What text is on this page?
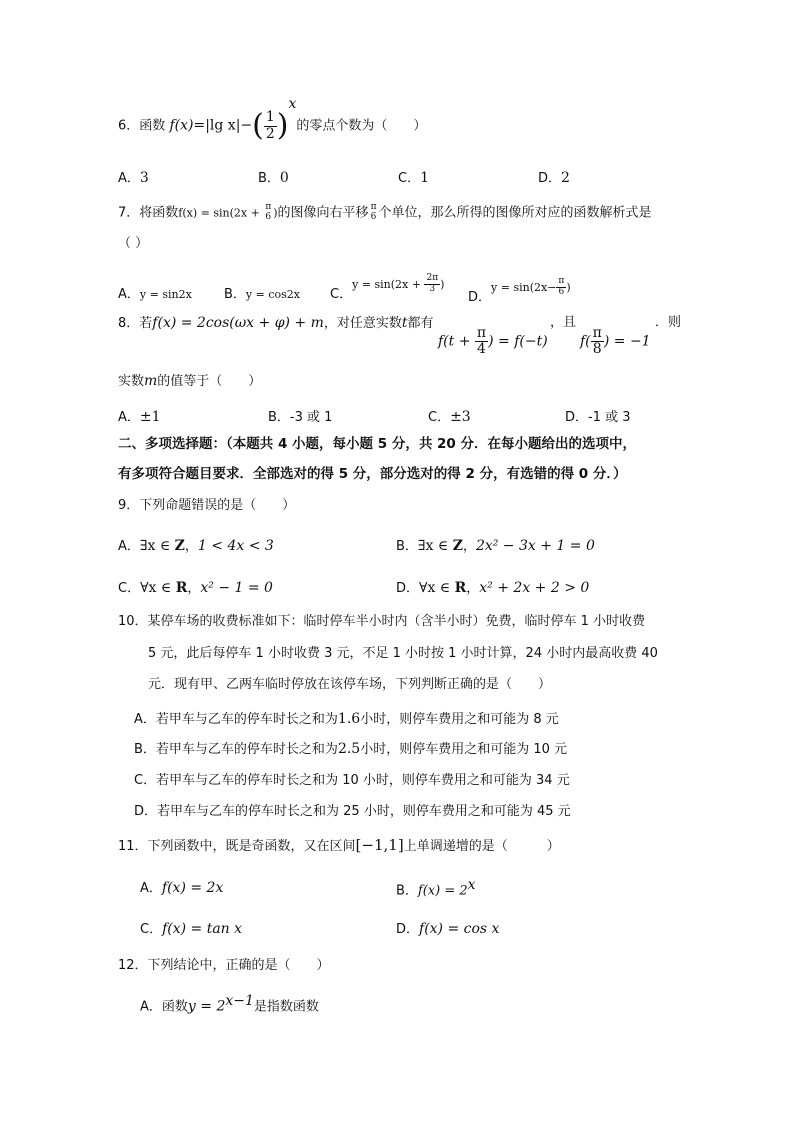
6．函数 f(x)=|lg $x|-( \frac{1}{2} )^x$的零点个数为（　　）
A．3	B．0	C．1	D．2
7．将函数f(x) = sin(2x + π
6 )的图像向右平移 π
6 个单位，那么所得的图像所对应的函数解析式是
（ ）
A．y = sin2x B．y = cos2x C．$y = \sin(2x + \frac{2\pi}{3}$ )
D．$y = \sin(2x- \frac{\pi}{6}$ )
8．若f(x) = 2cos(ωx + φ) + m，对任意实数t都有
$f(t + \frac{\pi}{4}$ ) = f(−t)
，且
$f( \frac{\pi}{8}$ ) = −1
．则
实数m的值等于（　　）
A．±1	B．-3 或 1	C．±3	D．-1 或 3
二、多项选择题：（本题共 4 小题，每小题 5 分，共 20 分．在每小题给出的选项中，
有多项符合题目要求．全部选对的得 5 分，部分选对的得 2 分，有选错的得 0 分．）
9．下列命题错误的是（　　）
A．∃x ∈ Z，1 < 4x < 3	B．∃x ∈ Z，2x² − 3x + 1 = 0
C．∀x ∈ R，x² − 1 = 0	D．∀x ∈ R，x² + 2x + 2 > 0
10．某停车场的收费标准如下：临时停车半小时内（含半小时）免费，临时停车 1 小时收费
5 元，此后每停车 1 小时收费 3 元，不足 1 小时按 1 小时计算，24 小时内最高收费 40
元．现有甲、乙两车临时停放在该停车场，下列判断正确的是（　　）
A．若甲车与乙车的停车时长之和为1.6小时，则停车费用之和可能为 8 元
B．若甲车与乙车的停车时长之和为2.5小时，则停车费用之和可能为 10 元
C．若甲车与乙车的停车时长之和为 10 小时，则停车费用之和可能为 34 元
D．若甲车与乙车的停车时长之和为 25 小时，则停车费用之和可能为 45 元
11．下列函数中，既是奇函数，又在区间[−1,1]上单调递增的是（　　　）
A．f(x) = 2x	B．$f(x) = 2^x$
C．f(x) = tan x	D．f(x) = cos x
12．下列结论中，正确的是（　　）
A．函数$y = 2^{x-1}$是指数函数
